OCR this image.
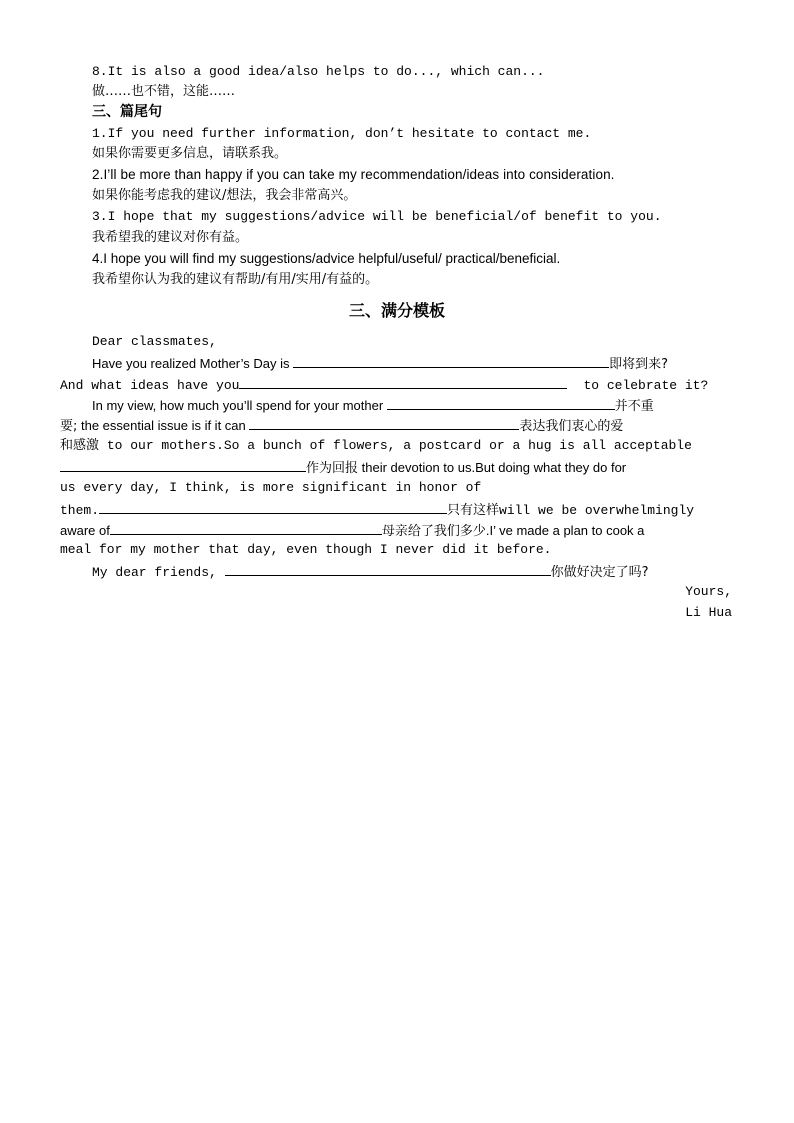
8.It is also a good idea/also helps to do..., which can...
做……也不错，这能……
三、篇尾句
1.If you need further information, don’t hesitate to contact me.
如果你需要更多信息，请联系我。
2.I’ll be more than happy if you can take my recommendation/ideas into consideration.
如果你能考虑我的建议/想法，我会非常高兴。
3.I hope that my suggestions/advice will be beneficial/of benefit to you.
我希望我的建议对你有益。
4.I hope you will find my suggestions/advice helpful/useful/ practical/beneficial.
我希望你认为我的建议有帮助/有用/实用/有益的。
三、满分模板
Dear classmates,
Have you realized Mother’s Day is	即将到来?
And what ideas have you	to celebrate it?
In my view, how much you’ll spend for your mother	并不重
要; the essential issue is if it can	表达我们衷心的爱
和感激 to our mothers.So a bunch of flowers, a postcard or a hug is all acceptable
作为回报 their devotion to us.But doing what they do for
us every day, I think, is more significant in honor of
them.	只有这样will we be overwhelmingly
aware of	母亲给了我们多少.I’ ve made a plan to cook a
meal for my mother that day, even though I never did it before.
My dear friends,	你做好决定了吗?
Yours,
Li Hua
